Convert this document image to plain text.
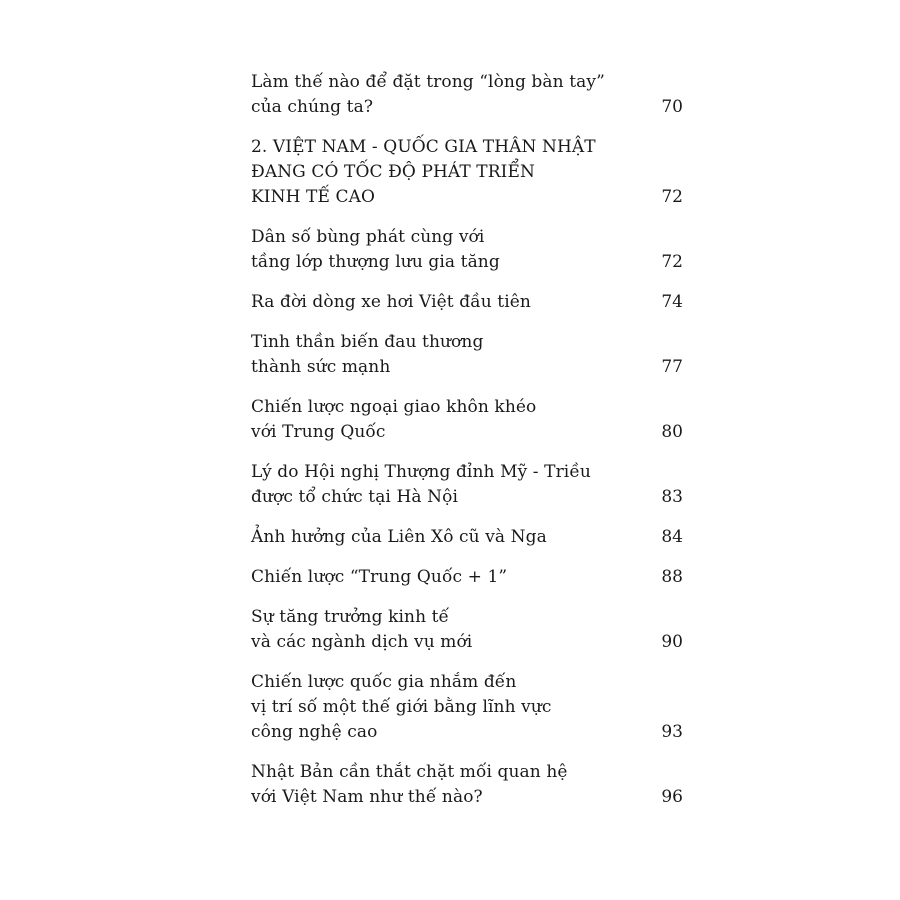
Làm thế nào để đặt trong “lòng bàn tay”
của chúng ta?	70
2. VIỆT NAM - QUỐC GIA THÂN NHẬT
ĐANG CÓ TỐC ĐỘ PHÁT TRIỂN
KINH TẾ CAO	72
Dân số bùng phát cùng với
tầng lớp thượng lưu gia tăng	72
Ra đời dòng xe hơi Việt đầu tiên	74
Tinh thần biến đau thương
thành sức mạnh	77
Chiến lược ngoại giao khôn khéo
với Trung Quốc	80
Lý do Hội nghị Thượng đỉnh Mỹ - Triều
được tổ chức tại Hà Nội	83
Ảnh hưởng của Liên Xô cũ và Nga	84
Chiến lược “Trung Quốc + 1”	88
Sự tăng trưởng kinh tế
và các ngành dịch vụ mới	90
Chiến lược quốc gia nhắm đến
vị trí số một thế giới bằng lĩnh vực
công nghệ cao	93
Nhật Bản cần thắt chặt mối quan hệ
với Việt Nam như thế nào?	96
